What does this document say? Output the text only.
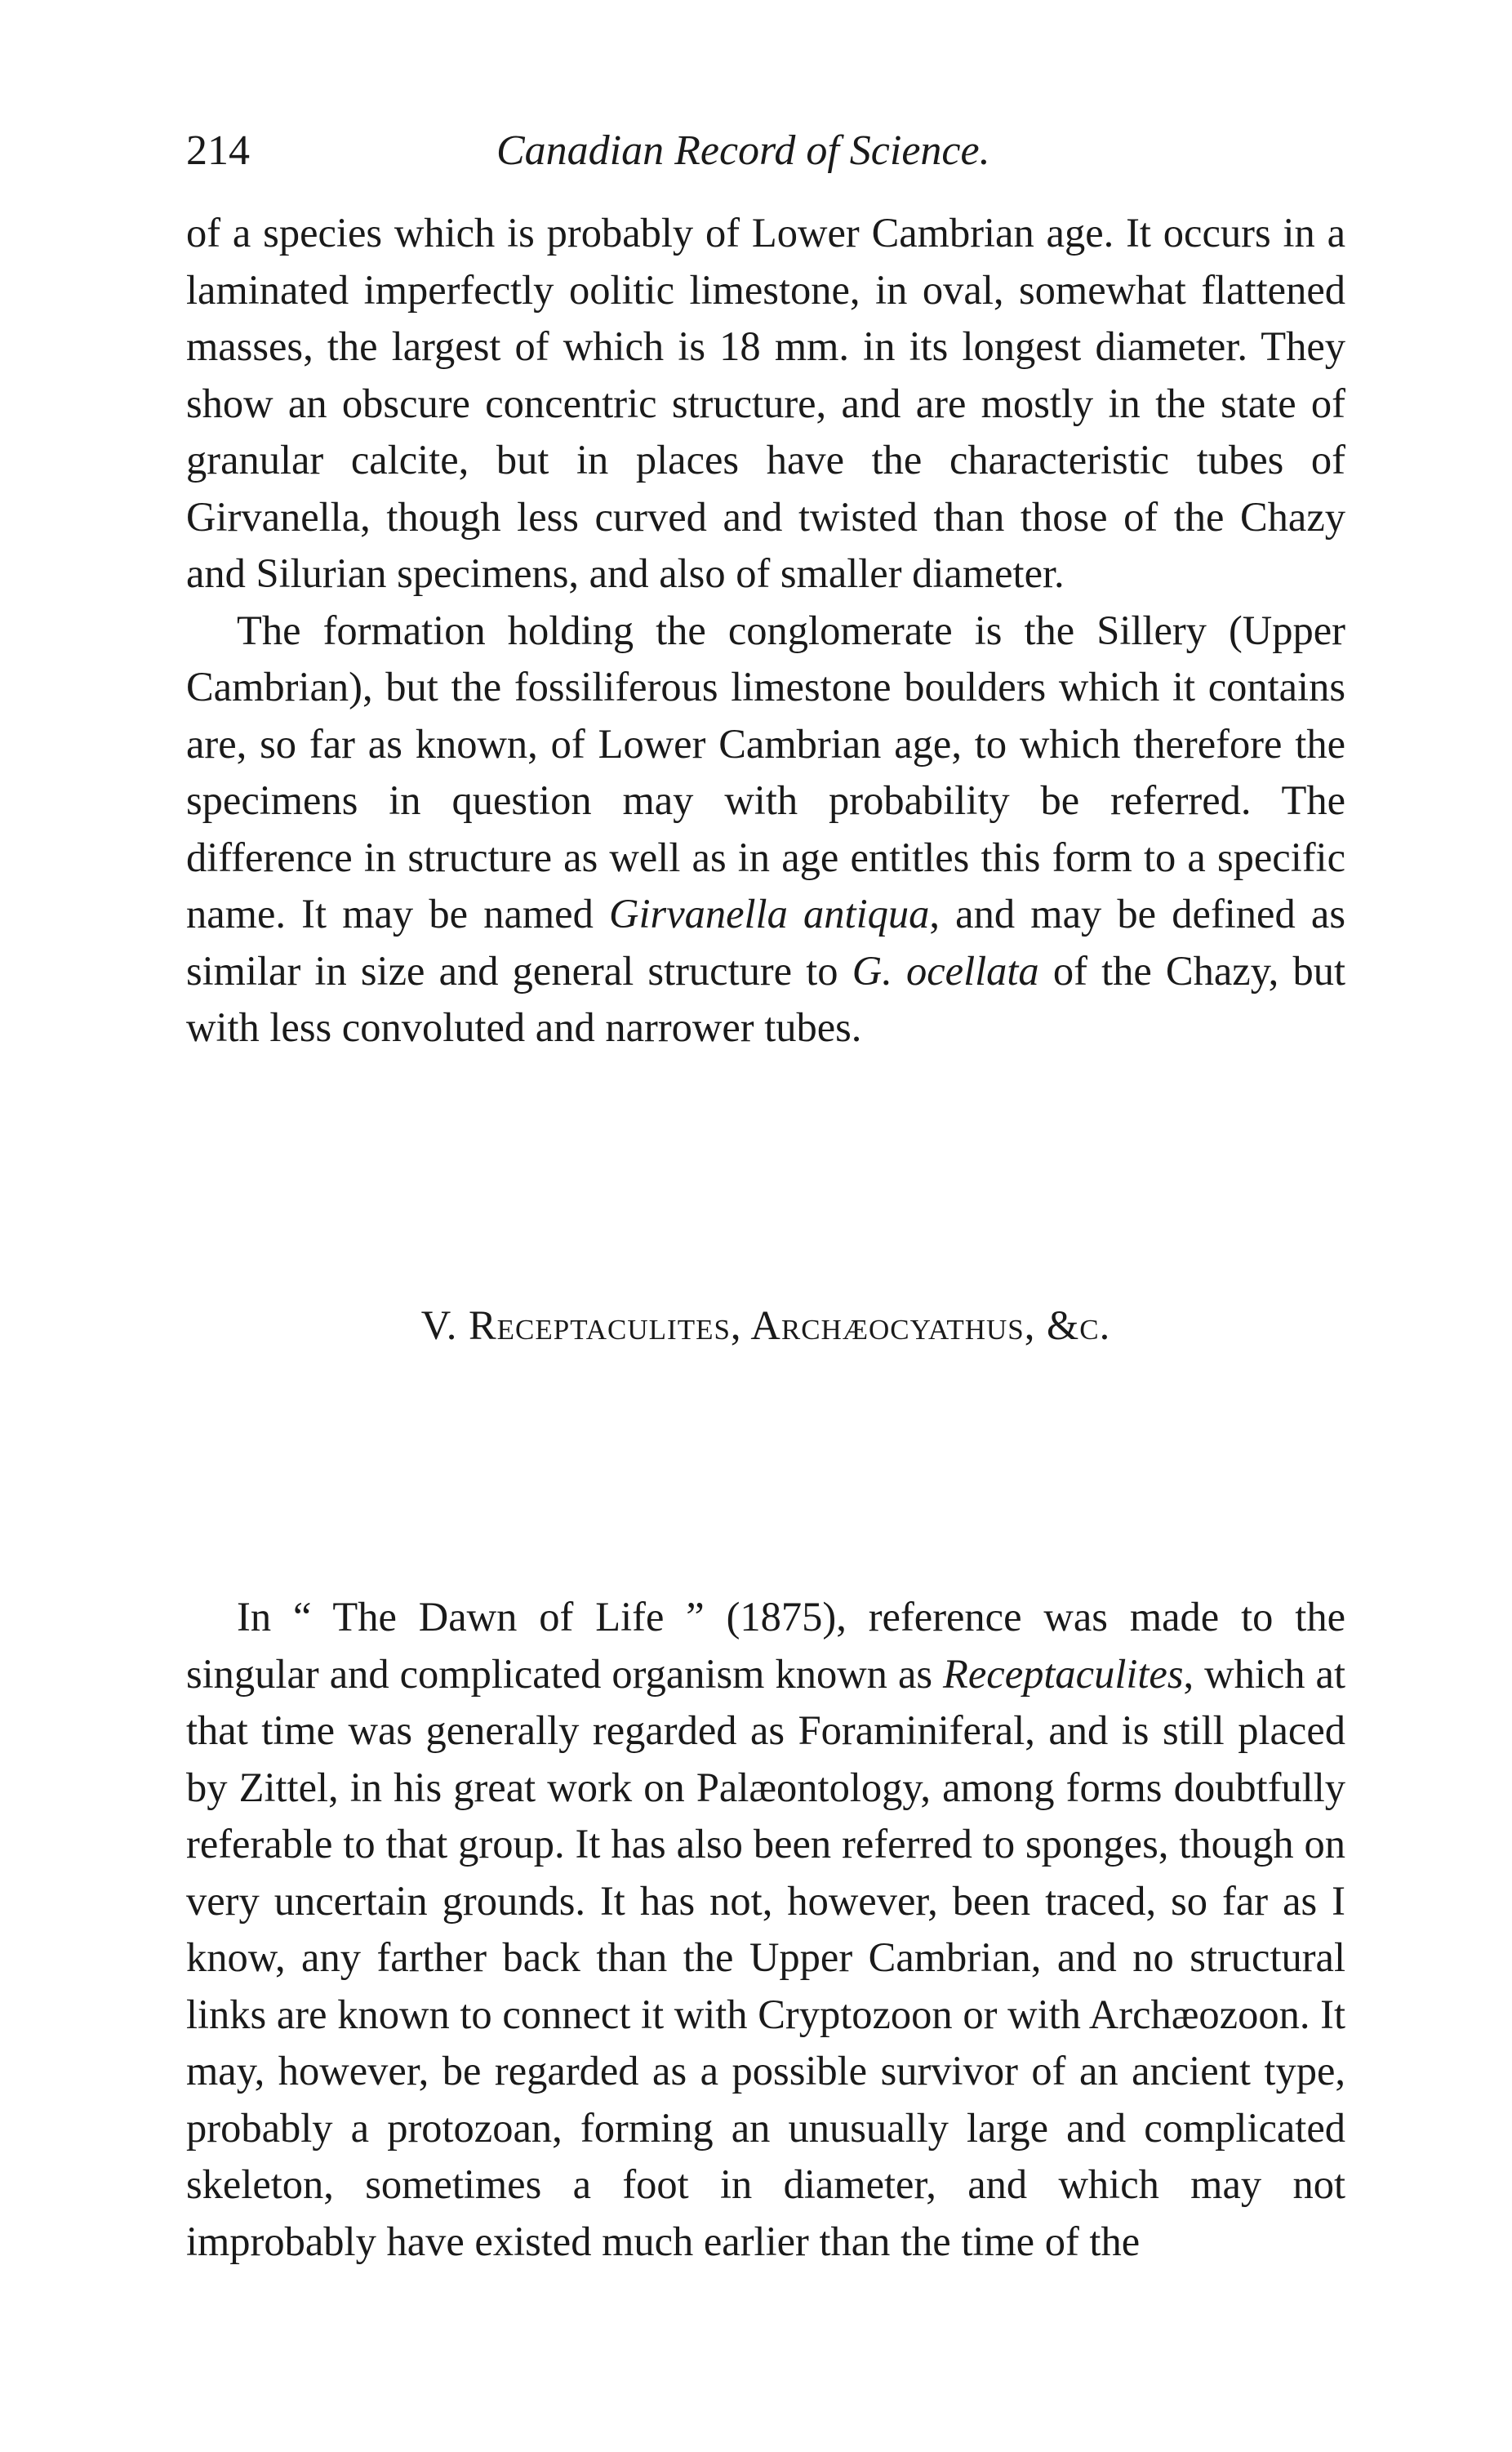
214	Canadian Record of Science.

of a species which is probably of Lower Cambrian age. It occurs in a laminated imperfectly oolitic limestone, in oval, somewhat flattened masses, the largest of which is 18 mm. in its longest diameter. They show an obscure concentric structure, and are mostly in the state of granular calcite, but in places have the characteristic tubes of Girvanella, though less curved and twisted than those of the Chazy and Silurian specimens, and also of smaller diameter.

The formation holding the conglomerate is the Sillery (Upper Cambrian), but the fossiliferous limestone boulders which it contains are, so far as known, of Lower Cambrian age, to which therefore the specimens in question may with probability be referred. The difference in structure as well as in age entitles this form to a specific name. It may be named Girvanella antiqua, and may be defined as similar in size and general structure to G. ocellata of the Chazy, but with less convoluted and narrower tubes.

V. Receptaculites, Archæocyathus, &c.

In “ The Dawn of Life ” (1875), reference was made to the singular and complicated organism known as Receptaculites, which at that time was generally regarded as Foraminiferal, and is still placed by Zittel, in his great work on Palæontology, among forms doubtfully referable to that group. It has also been referred to sponges, though on very uncertain grounds. It has not, however, been traced, so far as I know, any farther back than the Upper Cambrian, and no structural links are known to connect it with Cryptozoon or with Archæozoon. It may, however, be regarded as a possible survivor of an ancient type, probably a protozoan, forming an unusually large and complicated skeleton, sometimes a foot in diameter, and which may not improbably have existed much earlier than the time of the
